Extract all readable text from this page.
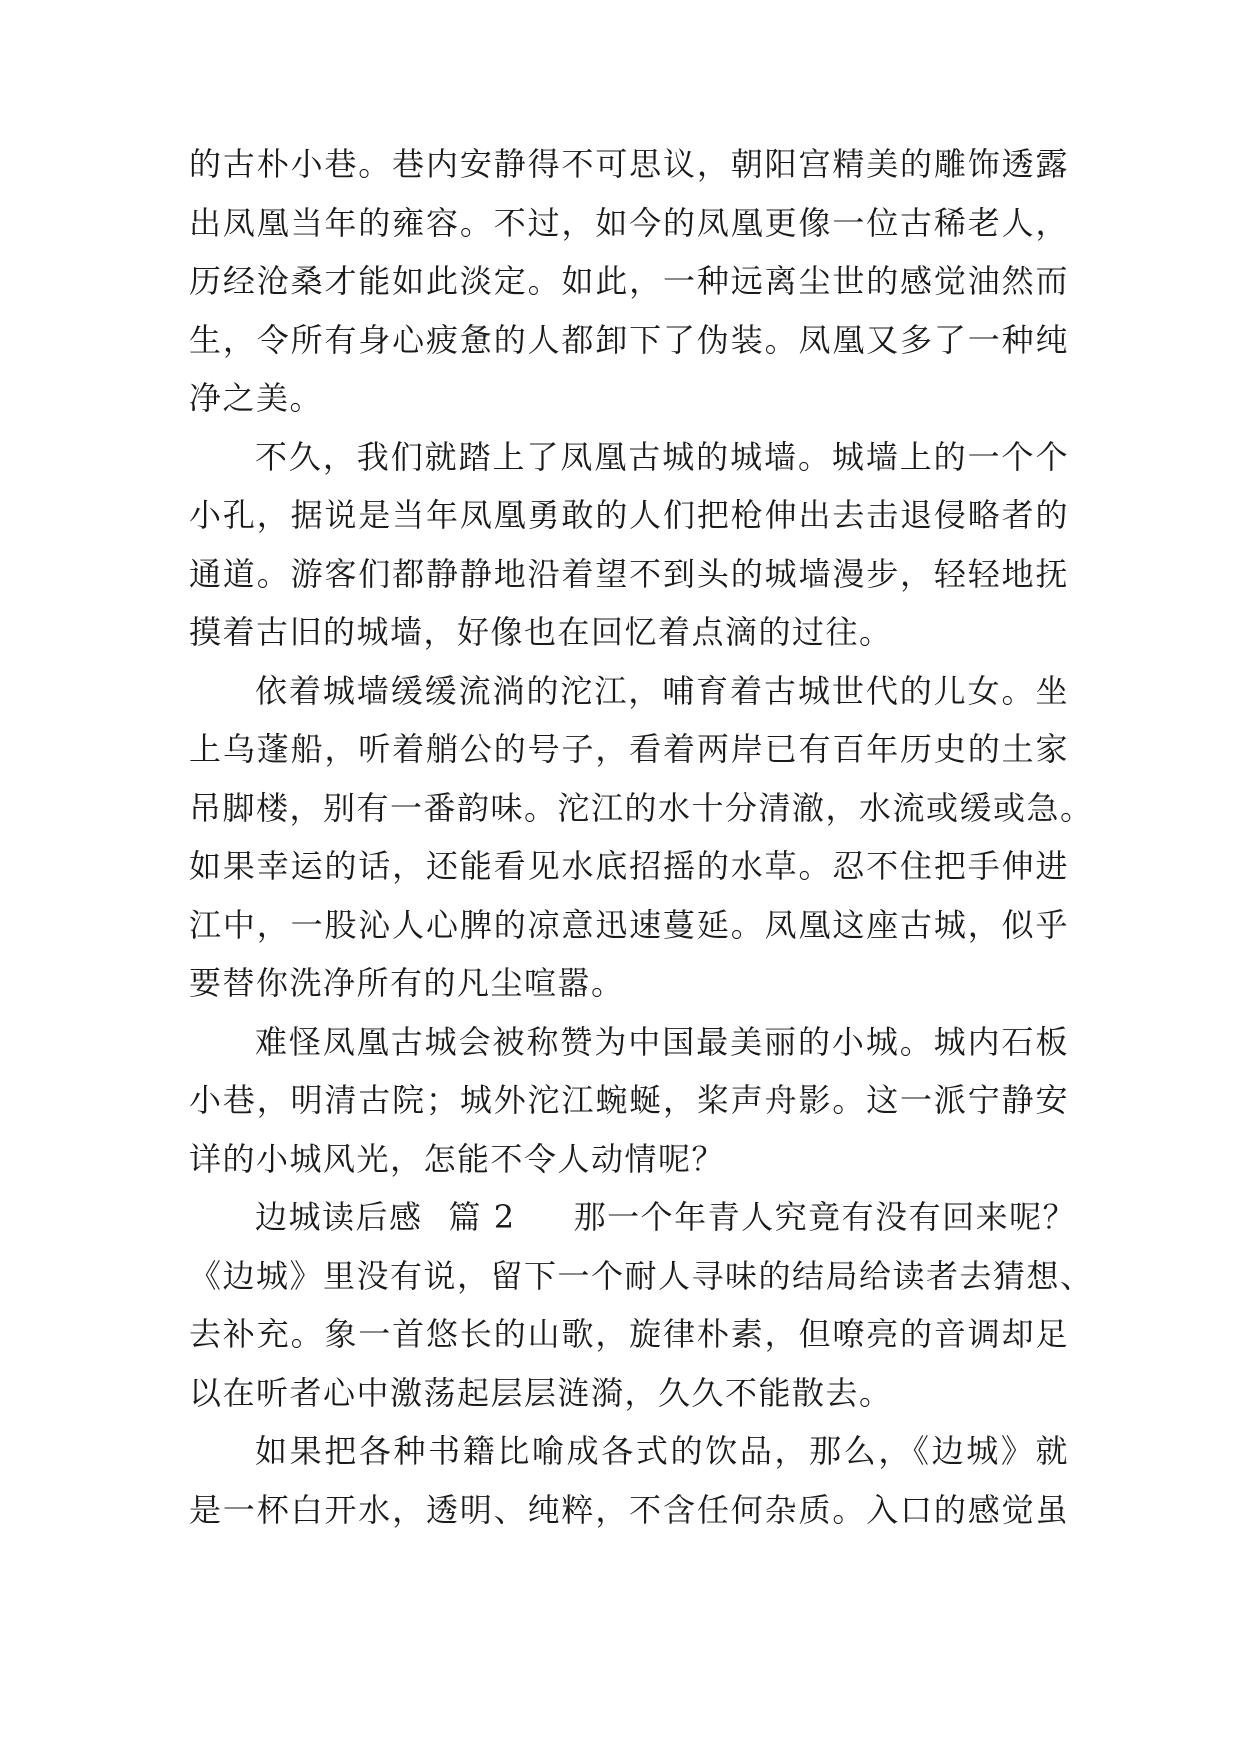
的古朴小巷。巷内安静得不可思议，朝阳宫精美的雕饰透露
出凤凰当年的雍容。不过，如今的凤凰更像一位古稀老人，
历经沧桑才能如此淡定。如此，一种远离尘世的感觉油然而
生，令所有身心疲惫的人都卸下了伪装。凤凰又多了一种纯
净之美。
不久，我们就踏上了凤凰古城的城墙。城墙上的一个个
小孔，据说是当年凤凰勇敢的人们把枪伸出去击退侵略者的
通道。游客们都静静地沿着望不到头的城墙漫步，轻轻地抚
摸着古旧的城墙，好像也在回忆着点滴的过往。
依着城墙缓缓流淌的沱江，哺育着古城世代的儿女。坐
上乌蓬船，听着艄公的号子，看着两岸已有百年历史的土家
吊脚楼，别有一番韵味。沱江的水十分清澈，水流或缓或急。
如果幸运的话，还能看见水底招摇的水草。忍不住把手伸进
江中，一股沁人心脾的凉意迅速蔓延。凤凰这座古城，似乎
要替你洗净所有的凡尘喧嚣。
难怪凤凰古城会被称赞为中国最美丽的小城。城内石板
小巷，明清古院；城外沱江蜿蜒，桨声舟影。这一派宁静安
详的小城风光，怎能不令人动情呢？
边城读后感 篇 2 那一个年青人究竟有没有回来呢？
《边城》里没有说，留下一个耐人寻味的结局给读者去猜想、
去补充。象一首悠长的山歌，旋律朴素，但嘹亮的音调却足
以在听者心中激荡起层层涟漪，久久不能散去。
如果把各种书籍比喻成各式的饮品，那么，《边城》就
是一杯白开水，透明、纯粹，不含任何杂质。入口的感觉虽
